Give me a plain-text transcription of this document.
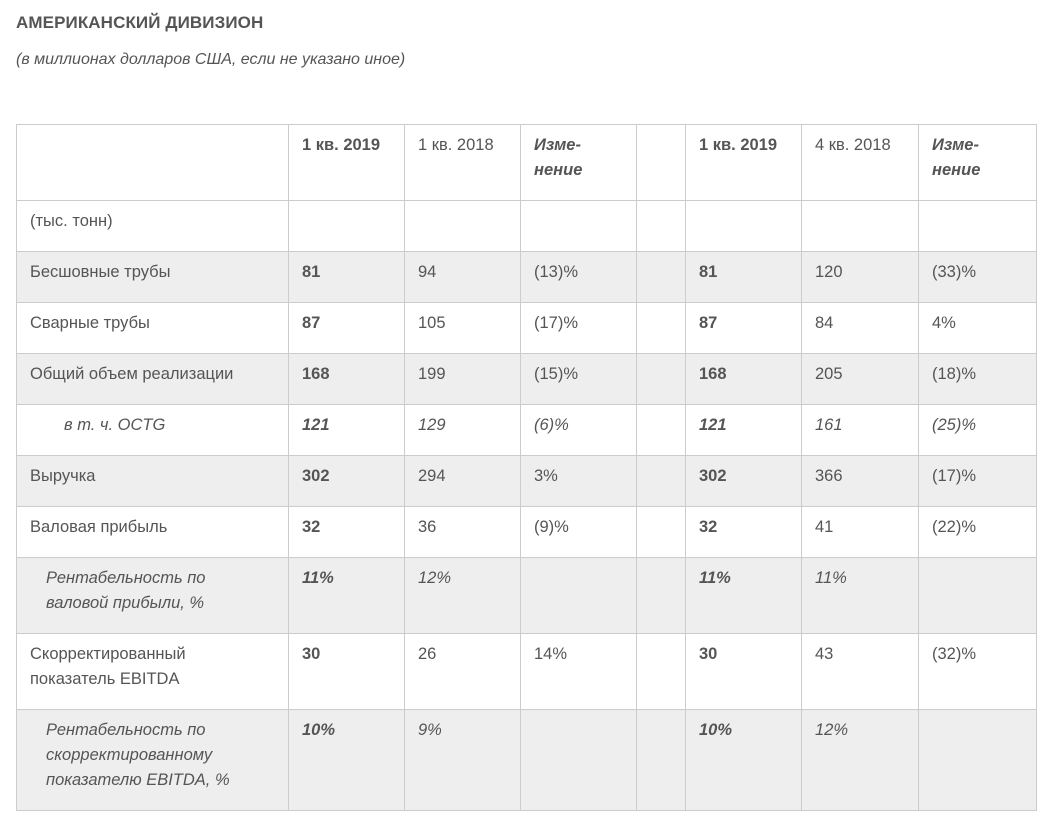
АМЕРИКАНСКИЙ ДИВИЗИОН

(в миллионах долларов США, если не указано иное)

	1 кв. 2019	1 кв. 2018	Изме-
нение		1 кв. 2019	4 кв. 2018	Изме-
нение
(тыс. тонн)							
Бесшовные трубы	81	94	(13)%		81	120	(33)%
Сварные трубы	87	105	(17)%		87	84	4%
Общий объем реализации	168	199	(15)%		168	205	(18)%
в т. ч. OCTG	121	129	(6)%		121	161	(25)%
Выручка	302	294	3%		302	366	(17)%
Валовая прибыль	32	36	(9)%		32	41	(22)%
Рентабельность по
валовой прибыли, %	11%	12%			11%	11%	
Скорректированный
показатель EBITDA	30	26	14%		30	43	(32)%
Рентабельность по
скорректированному
показателю EBITDA, %	10%	9%			10%	12%	
